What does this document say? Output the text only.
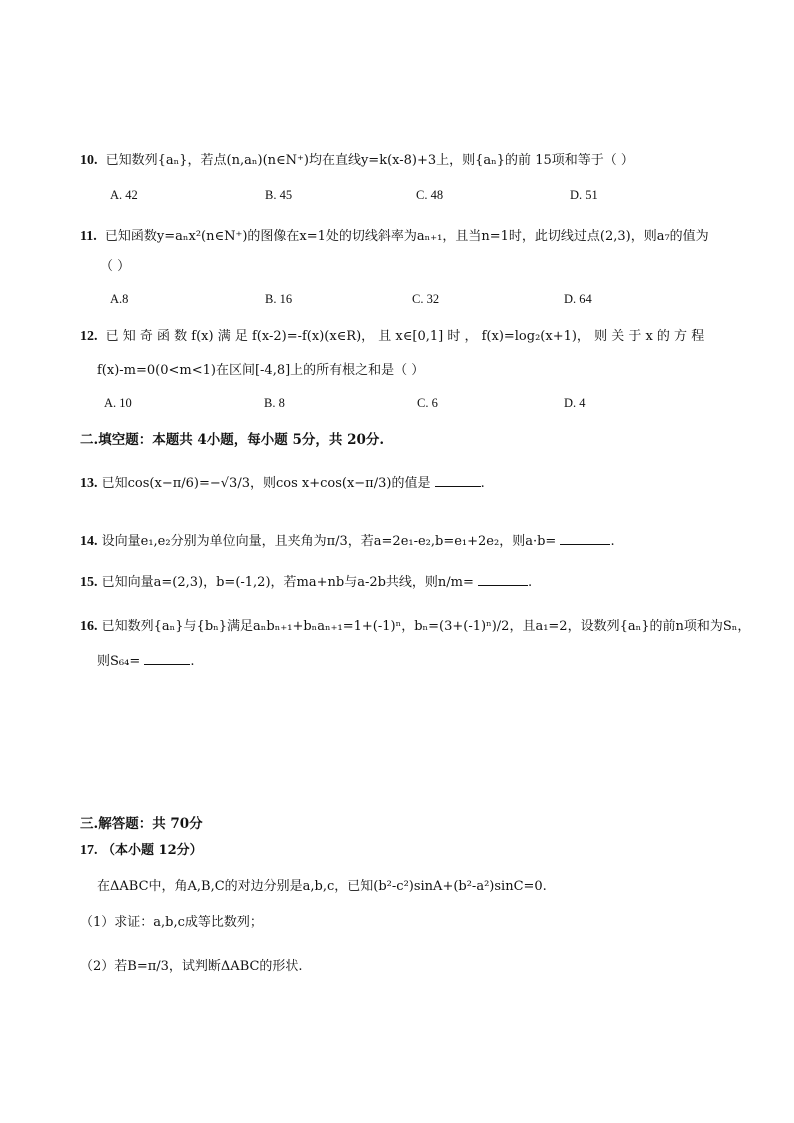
10. 已知数列{aₙ}，若点(n,aₙ)(n∈N⁺)均在直线y=k(x-8)+3上，则{aₙ}的前 15项和等于（ ）
A. 42	B. 45	C. 48	D. 51
11. 已知函数y=aₙx²(n∈N⁺)的图像在x=1处的切线斜率为aₙ₊₁，且当n=1时，此切线过点(2,3)，则a₇的值为
（ ）
A.8	B. 16	C. 32	D. 64
12. 已 知 奇 函 数 f(x) 满 足 f(x-2)=-f(x)(x∈R)， 且 x∈[0,1] 时 ， f(x)=log₂(x+1)， 则 关 于 x 的 方 程
f(x)-m=0(0<m<1)在区间[-4,8]上的所有根之和是（ ）
A. 10	B. 8	C. 6	D. 4
二.填空题：本题共 4小题，每小题 5分，共 20分.
13. 已知cos(x−π/6)=−√3/3，则cos x+cos(x−π/3)的值是	.
14. 设向量e₁,e₂分别为单位向量，且夹角为π/3，若a=2e₁-e₂,b=e₁+2e₂，则a·b=	.
15. 已知向量a=(2,3)，b=(-1,2)，若ma+nb与a-2b共线，则n/m=	.
16. 已知数列{aₙ}与{bₙ}满足aₙbₙ₊₁+bₙaₙ₊₁=1+(-1)ⁿ，bₙ=(3+(-1)ⁿ)/2，且a₁=2，设数列{aₙ}的前n项和为Sₙ，
则S₆₄=	.
三.解答题：共 70分
17. （本小题 12分）
在ΔABC中，角A,B,C的对边分别是a,b,c，已知(b²-c²)sinA+(b²-a²)sinC=0.
（1）求证：a,b,c成等比数列；
（2）若B=π/3，试判断ΔABC的形状.
